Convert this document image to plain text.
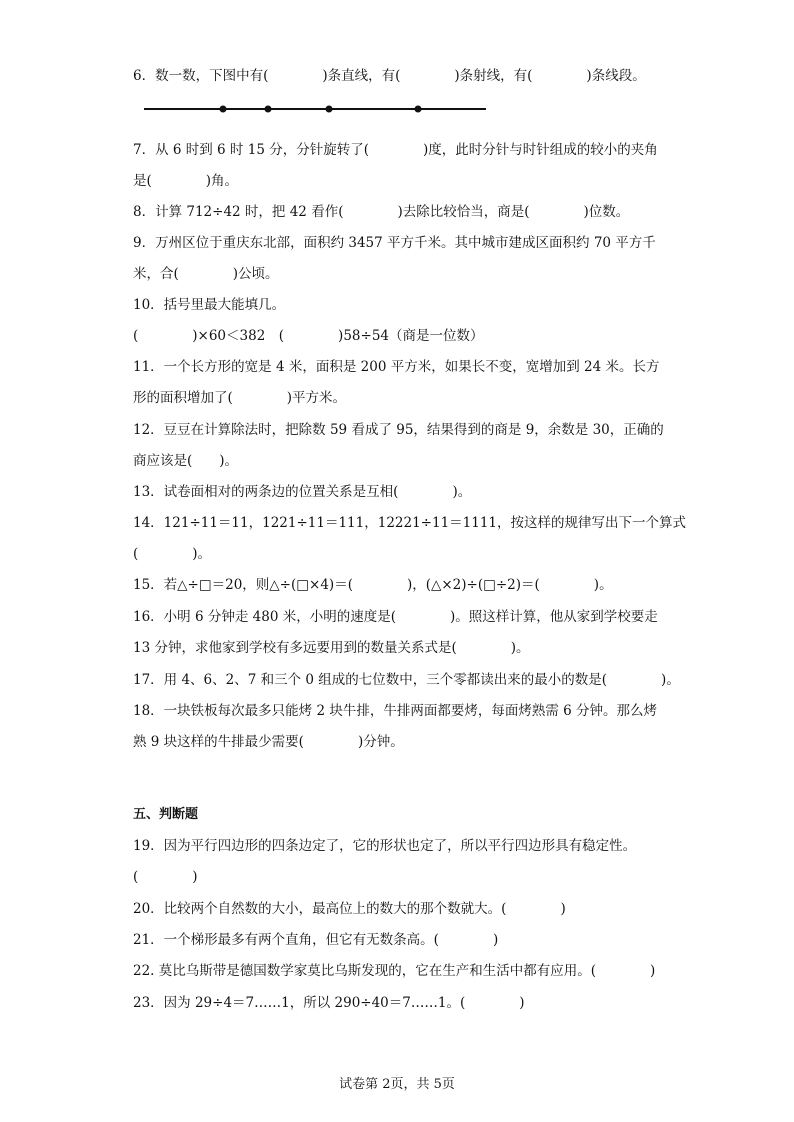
6．数一数，下图中有(　　　　)条直线，有(　　　　)条射线，有(　　　　)条线段。
7．从 6 时到 6 时 15 分，分针旋转了(　　　　)度，此时分针与时针组成的较小的夹角
是(　　　　)角。
8．计算 712÷42 时，把 42 看作(　　　　)去除比较恰当，商是(　　　　)位数。
9．万州区位于重庆东北部，面积约 3457 平方千米。其中城市建成区面积约 70 平方千
米，合(　　　　)公顷。
10．括号里最大能填几。
(　　　　)×60＜382　(　　　　)58÷54（商是一位数）
11．一个长方形的宽是 4 米，面积是 200 平方米，如果长不变，宽增加到 24 米。长方
形的面积增加了(　　　　)平方米。
12．豆豆在计算除法时，把除数 59 看成了 95，结果得到的商是 9，余数是 30，正确的
商应该是(　　)。
13．试卷面相对的两条边的位置关系是互相(　　　　)。
14．121÷11＝11，1221÷11＝111，12221÷11＝1111，按这样的规律写出下一个算式
(　　　　)。
15．若△÷□＝20，则△÷(□×4)＝(　　　　)，(△×2)÷(□÷2)＝(　　　　)。
16．小明 6 分钟走 480 米，小明的速度是(　　　　)。照这样计算，他从家到学校要走
13 分钟，求他家到学校有多远要用到的数量关系式是(　　　　)。
17．用 4、6、2、7 和三个 0 组成的七位数中，三个零都读出来的最小的数是(　　　　)。
18．一块铁板每次最多只能烤 2 块牛排，牛排两面都要烤，每面烤熟需 6 分钟。那么烤
熟 9 块这样的牛排最少需要(　　　　)分钟。
五、判断题
19．因为平行四边形的四条边定了，它的形状也定了，所以平行四边形具有稳定性。
(　　　　)
20．比较两个自然数的大小，最高位上的数大的那个数就大。(　　　　)
21．一个梯形最多有两个直角，但它有无数条高。(　　　　)
22. 莫比乌斯带是德国数学家莫比乌斯发现的，它在生产和生活中都有应用。(　　　　)
23．因为 29÷4＝7……1，所以 290÷40＝7……1。(　　　　)
试卷第 2页，共 5页
